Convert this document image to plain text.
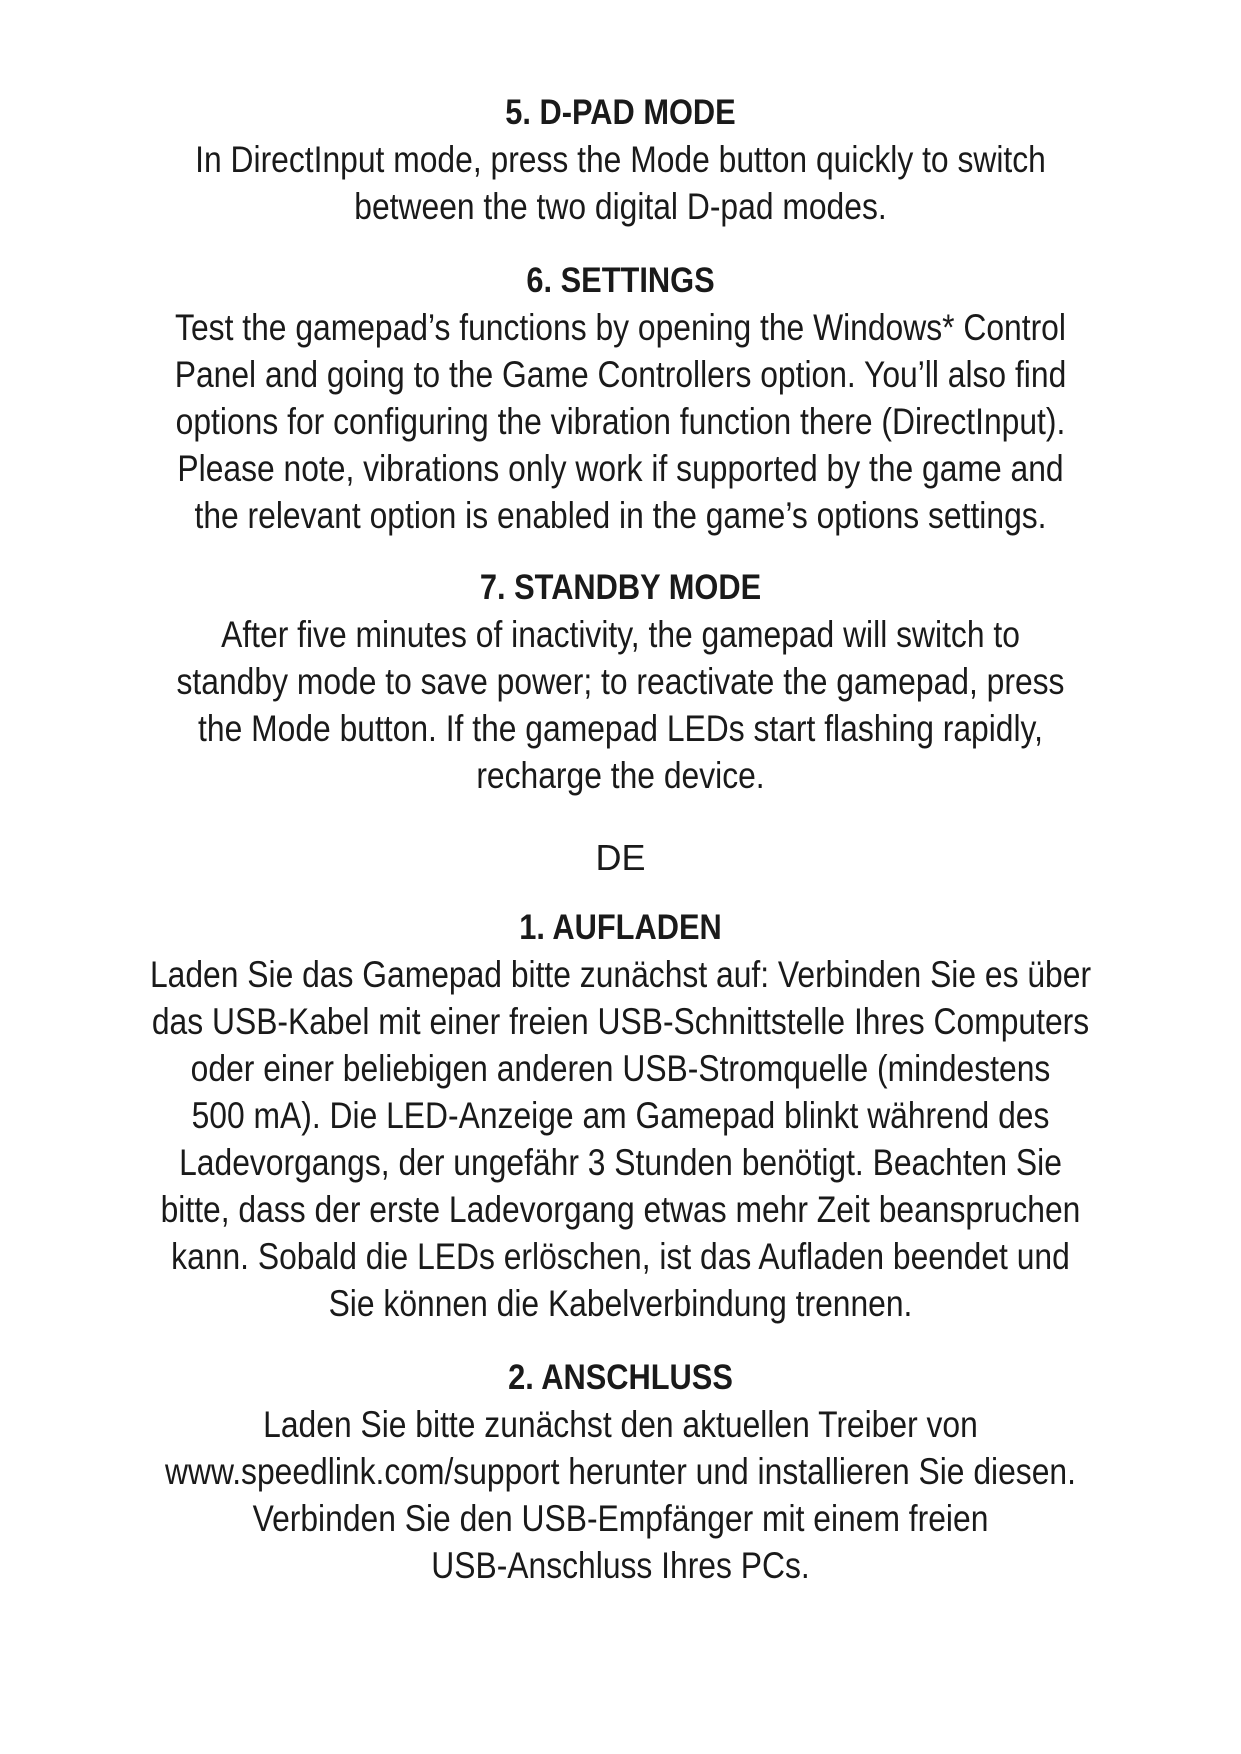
5. D-PAD MODE
In DirectInput mode, press the Mode button quickly to switch
between the two digital D-pad modes.
6. SETTINGS
Test the gamepad’s functions by opening the Windows* Control
Panel and going to the Game Controllers option. You’ll also find
options for configuring the vibration function there (DirectInput).
Please note, vibrations only work if supported by the game and
the relevant option is enabled in the game’s options settings.
7. STANDBY MODE
After five minutes of inactivity, the gamepad will switch to
standby mode to save power; to reactivate the gamepad, press
the Mode button. If the gamepad LEDs start flashing rapidly,
recharge the device.
DE
1. AUFLADEN
Laden Sie das Gamepad bitte zunächst auf: Verbinden Sie es über
das USB-Kabel mit einer freien USB-Schnittstelle Ihres Computers
oder einer beliebigen anderen USB-Stromquelle (mindestens
500 mA). Die LED-Anzeige am Gamepad blinkt während des
Ladevorgangs, der ungefähr 3 Stunden benötigt. Beachten Sie
bitte, dass der erste Ladevorgang etwas mehr Zeit beanspruchen
kann. Sobald die LEDs erlöschen, ist das Aufladen beendet und
Sie können die Kabelverbindung trennen.
2. ANSCHLUSS
Laden Sie bitte zunächst den aktuellen Treiber von
www.speedlink.com/support herunter und installieren Sie diesen.
Verbinden Sie den USB-Empfänger mit einem freien
USB-Anschluss Ihres PCs.
